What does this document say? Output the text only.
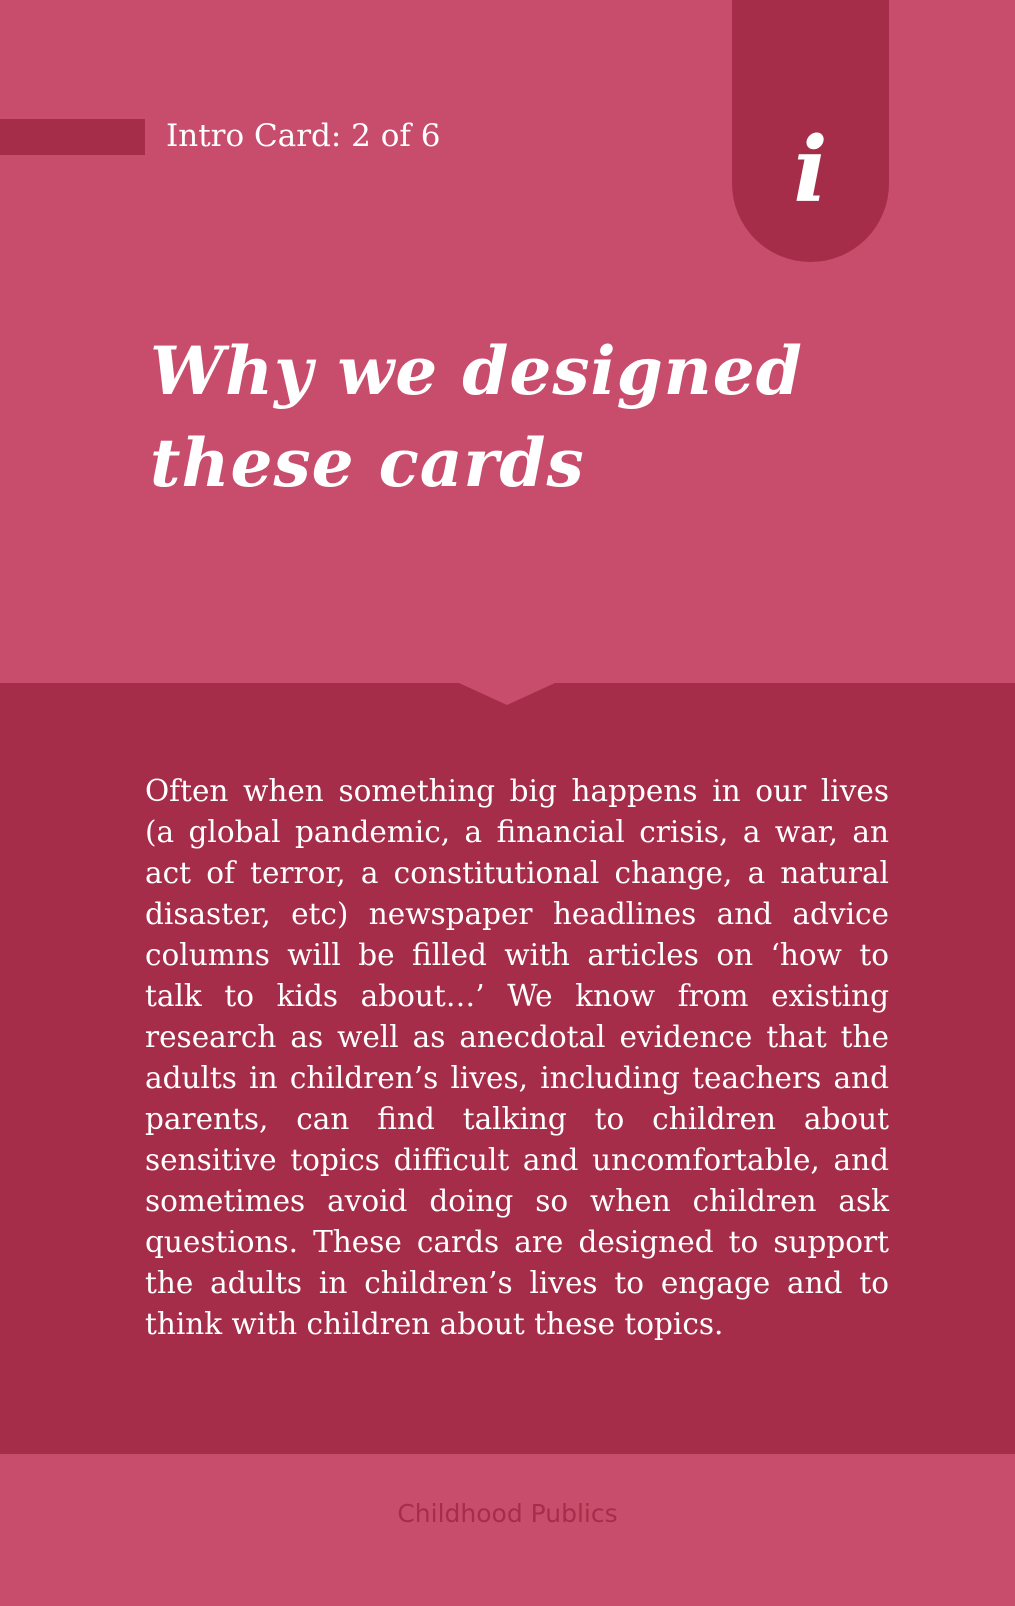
Intro Card: 2 of 6	i
Why we designed these cards

Often when something big happens in our lives (a global pandemic, a financial crisis, a war, an act of terror, a constitutional change, a natural disaster, etc) newspaper headlines and advice columns will be filled with articles on ‘how to talk to kids about…’ We know from existing research as well as anecdotal evidence that the adults in children’s lives, including teachers and parents, can find talking to children about sensitive topics difficult and uncomfortable, and sometimes avoid doing so when children ask questions. These cards are designed to support the adults in children’s lives to engage and to think with children about these topics.

Childhood Publics
